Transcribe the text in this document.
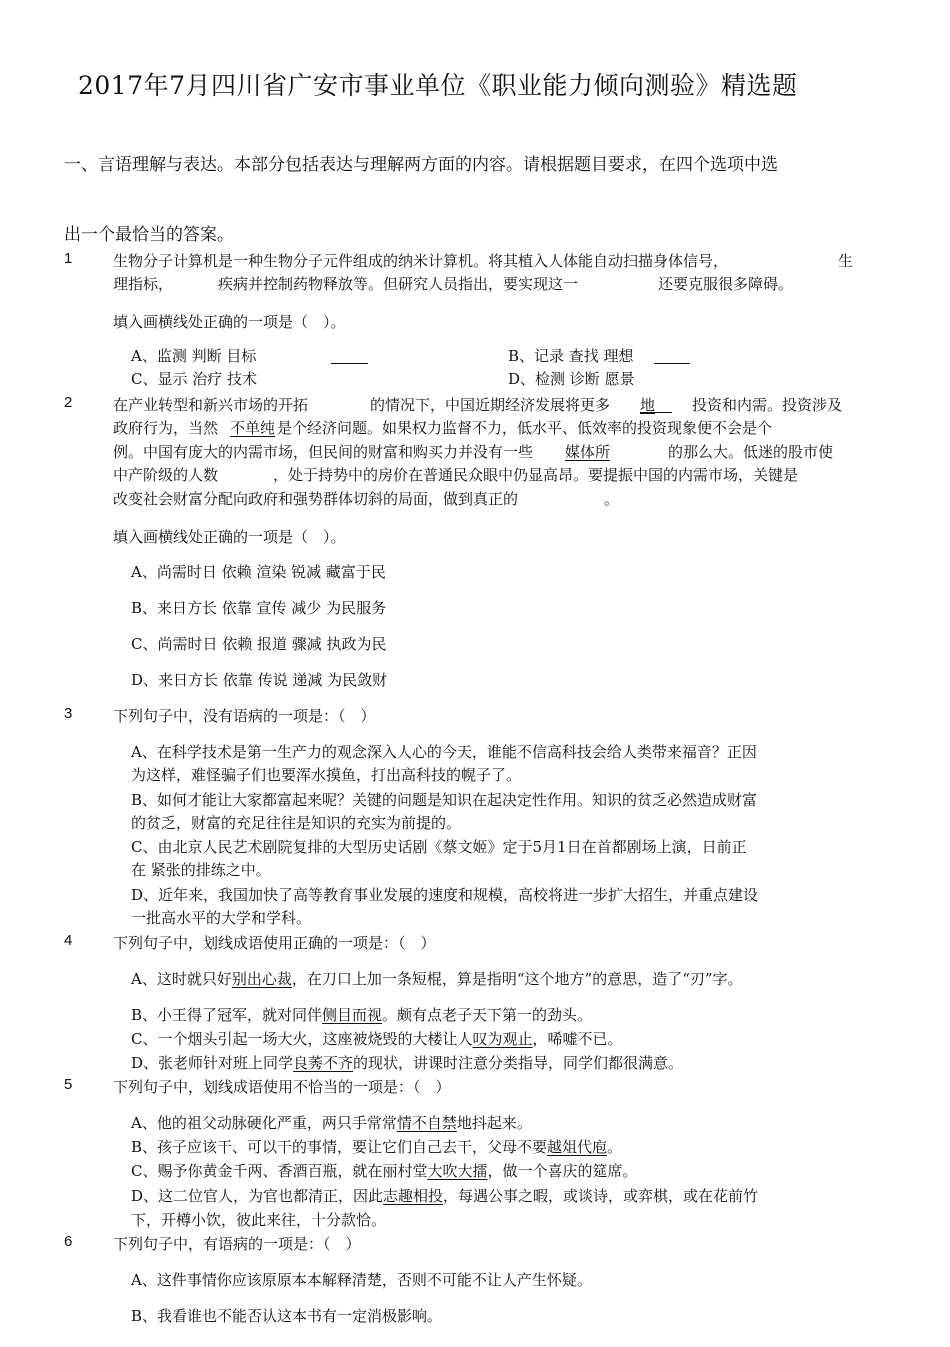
2017年7月四川省广安市事业单位《职业能力倾向测验》精选题
一、言语理解与表达。本部分包括表达与理解两方面的内容。请根据题目要求，在四个选项中选
出一个最恰当的答案。
1	生物分子计算机是一种生物分子元件组成的纳米计算机。将其植入人体能自动扫描身体信号，	生
理指标，	疾病并控制药物释放等。但研究人员指出，要实现这一	还要克服很多障碍。
填入画横线处正确的一项是（　）。
A、监测 判断 目标	B、记录 查找 理想
C、显示 治疗 技术	D、检测 诊断 愿景
2	在产业转型和新兴市场的开拓	的情况下，中国近期经济发展将更多 地 投资和内需。投资涉及
政府行为，当然 不单纯 是个经济问题。如果权力监督不力，低水平、低效率的投资现象便不会是个
例。中国有庞大的内需市场，但民间的财富和购买力并没有一些 媒体所	的那么大。低迷的股市使
中产阶级的人数	，处于持势中的房价在普通民众眼中仍显高昂。要提振中国的内需市场，关键是
改变社会财富分配向政府和强势群体切斜的局面，做到真正的	。
填入画横线处正确的一项是（　）。
A、尚需时日 依赖 渲染 锐减 藏富于民
B、来日方长 依靠 宣传 减少 为民服务
C、尚需时日 依赖 报道 骤减 执政为民
D、来日方长 依靠 传说 递减 为民敛财
3	下列句子中，没有语病的一项是：（　）
A、在科学技术是第一生产力的观念深入人心的今天，谁能不信高科技会给人类带来福音？正因
为这样，难怪骗子们也要浑水摸鱼，打出高科技的幌子了。
B、如何才能让大家都富起来呢？关键的问题是知识在起决定性作用。知识的贫乏必然造成财富
的贫乏，财富的充足往往是知识的充实为前提的。
C、由北京人民艺术剧院复排的大型历史话剧《蔡文姬》定于5月1日在首都剧场上演，日前正
在 紧张的排练之中。
D、近年来，我国加快了高等教育事业发展的速度和规模，高校将进一步扩大招生，并重点建设
一批高水平的大学和学科。
4	下列句子中，划线成语使用正确的一项是：（　）
A、这时就只好别出心裁，在刀口上加一条短棍，算是指明“这个地方”的意思，造了“刃”字。
B、小王得了冠军，就对同伴侧目而视。颇有点老子天下第一的劲头。
C、一个烟头引起一场大火，这座被烧毁的大楼让人叹为观止，唏嘘不已。
D、张老师针对班上同学良莠不齐的现状，讲课时注意分类指导，同学们都很满意。
5	下列句子中，划线成语使用不恰当的一项是：（　）
A、他的祖父动脉硬化严重，两只手常常情不自禁地抖起来。
B、孩子应该干、可以干的事情，要让它们自己去干，父母不要越俎代庖。
C、赐予你黄金千两、香酒百瓶，就在丽村堂大吹大擂，做一个喜庆的筵席。
D、这二位官人，为官也都清正，因此志趣相投，每遇公事之暇，或谈诗，或弈棋，或在花前竹
下，开樽小饮，彼此来往，十分款恰。
6	下列句子中，有语病的一项是：（　）
A、这件事情你应该原原本本解释清楚，否则不可能不让人产生怀疑。
B、我看谁也不能否认这本书有一定消极影响。
